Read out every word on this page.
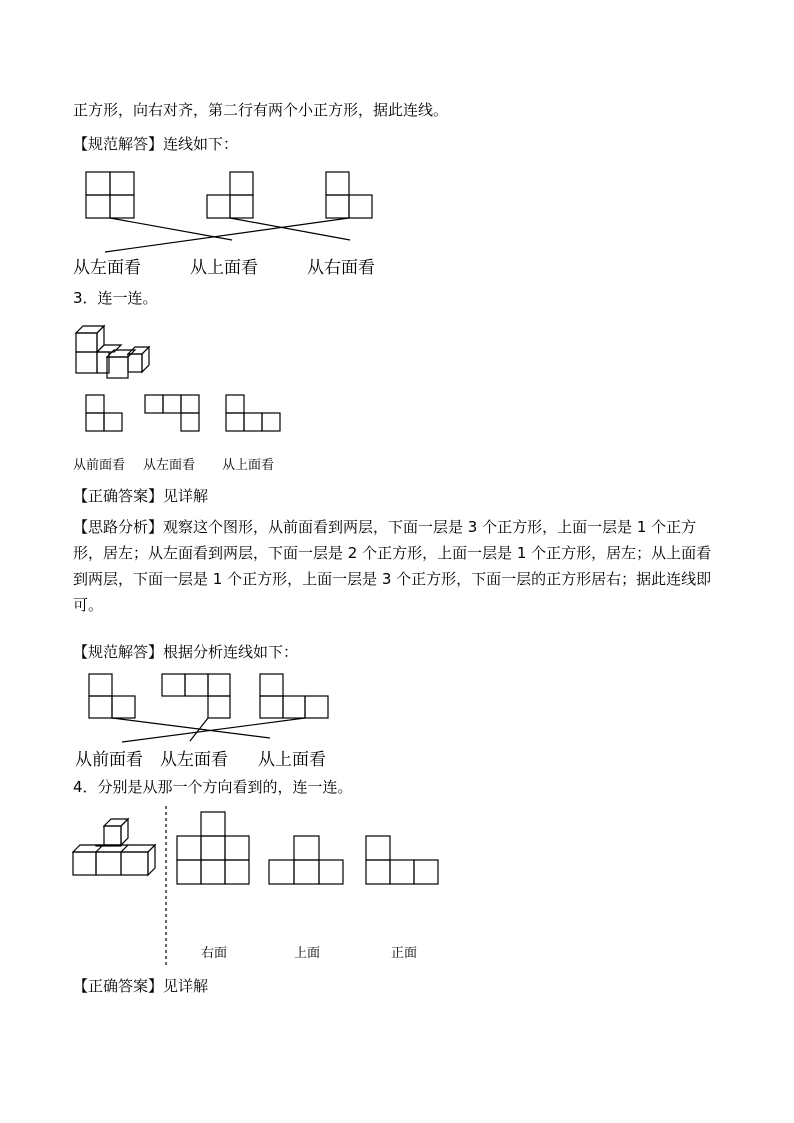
正方形，向右对齐，第二行有两个小正方形，据此连线。
【规范解答】连线如下：
从左面看	从上面看	从右面看
3．连一连。
从前面看 从左面看 从上面看
【正确答案】见详解
【思路分析】观察这个图形，从前面看到两层，下面一层是 3 个正方形，上面一层是 1 个正方形，居左；从左面看到两层，下面一层是 2 个正方形，上面一层是 1 个正方形，居左；从上面看到两层，下面一层是 1 个正方形，上面一层是 3 个正方形，下面一层的正方形居右；据此连线即可。
【规范解答】根据分析连线如下：
从前面看 从左面看 从上面看
4．分别是从那一个方向看到的，连一连。
右面	上面	正面
【正确答案】见详解
